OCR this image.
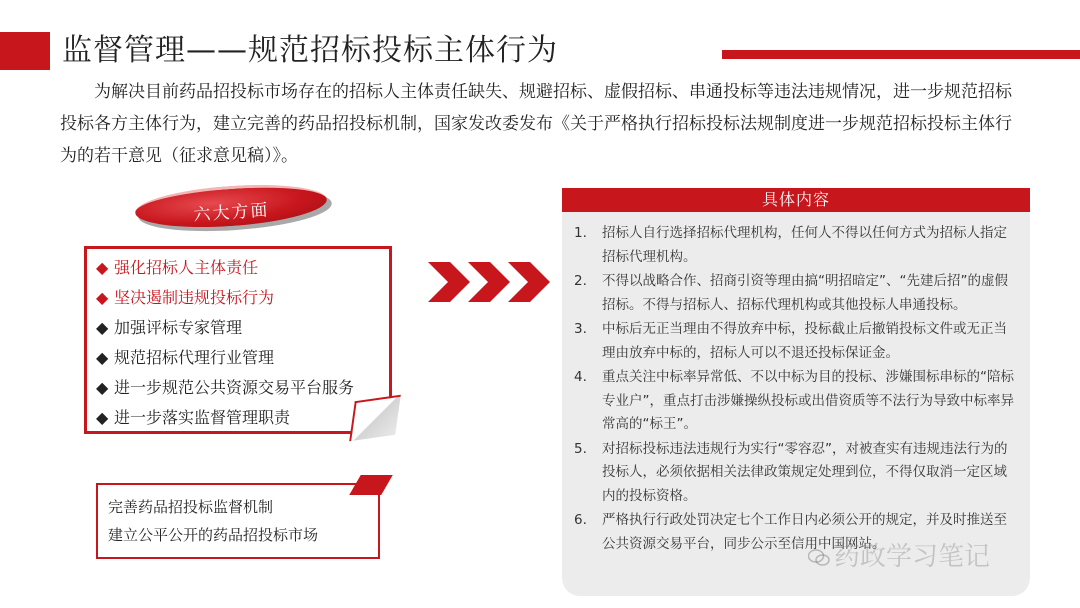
监督管理——规范招标投标主体行为

为解决目前药品招投标市场存在的招标人主体责任缺失、规避招标、虚假招标、串通投标等违法违规情况，进一步规范招标投标各方主体行为，建立完善的药品招投标机制，国家发改委发布《关于严格执行招标投标法规制度进一步规范招标投标主体行为的若干意见（征求意见稿）》。

六大方面
◆ 强化招标人主体责任
◆ 坚决遏制违规投标行为
◆ 加强评标专家管理
◆ 规范招标代理行业管理
◆ 进一步规范公共资源交易平台服务
◆ 进一步落实监督管理职责
完善药品招投标监督机制
建立公平公开的药品招投标市场
具体内容
1.	招标人自行选择招标代理机构，任何人不得以任何方式为招标人指定招标代理机构。
2.	不得以战略合作、招商引资等理由搞“明招暗定”、“先建后招”的虚假招标。不得与招标人、招标代理机构或其他投标人串通投标。
3.	中标后无正当理由不得放弃中标，投标截止后撤销投标文件或无正当理由放弃中标的，招标人可以不退还投标保证金。
4.	重点关注中标率异常低、不以中标为目的投标、涉嫌围标串标的“陪标专业户”，重点打击涉嫌操纵投标或出借资质等不法行为导致中标率异常高的“标王”。
5.	对招标投标违法违规行为实行“零容忍”，对被查实有违规违法行为的投标人，必须依据相关法律政策规定处理到位，不得仅取消一定区域内的投标资格。
6.	严格执行行政处罚决定七个工作日内必须公开的规定，并及时推送至公共资源交易平台，同步公示至信用中国网站。
药政学习笔记
